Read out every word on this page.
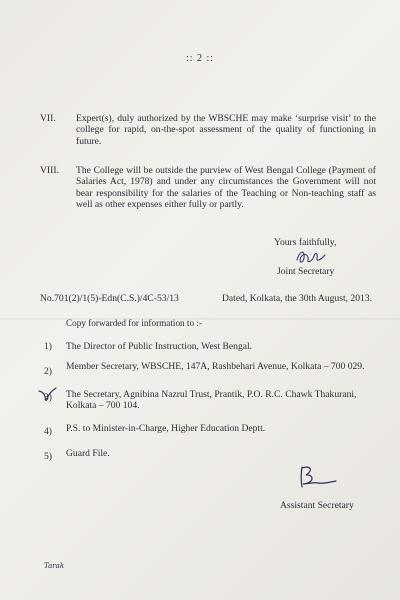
:: 2 ::
VII.	Expert(s), duly authorized by the WBSCHE may make ‘surprise visit’ to the college for rapid, on-the-spot assessment of the quality of functioning in future.
VIII.	The College will be outside the purview of West Bengal College (Payment of Salaries Act, 1978) and under any circumstances the Government will not bear responsibility for the salaries of the Teaching or Non-teaching staff as well as other expenses either fully or partly.
Yours faithfully,
Joint Secretary
No.701(2)/1(5)-Edn(C.S.)/4C-53/13	Dated, Kolkata, the 30th August, 2013.
Copy forwarded for information to :-
1) The Director of Public Instruction, West Bengal.
2) Member Secretary, WBSCHE, 147A, Rashbehari Avenue, Kolkata – 700 029.
3) The Secretary, Agnibina Nazrul Trust, Prantik, P.O. R.C. Chawk Thakurani, Kolkata – 700 104.
4) P.S. to Minister-in-Charge, Higher Education Deptt.
5) Guard File.
Assistant Secretary
Tarak
